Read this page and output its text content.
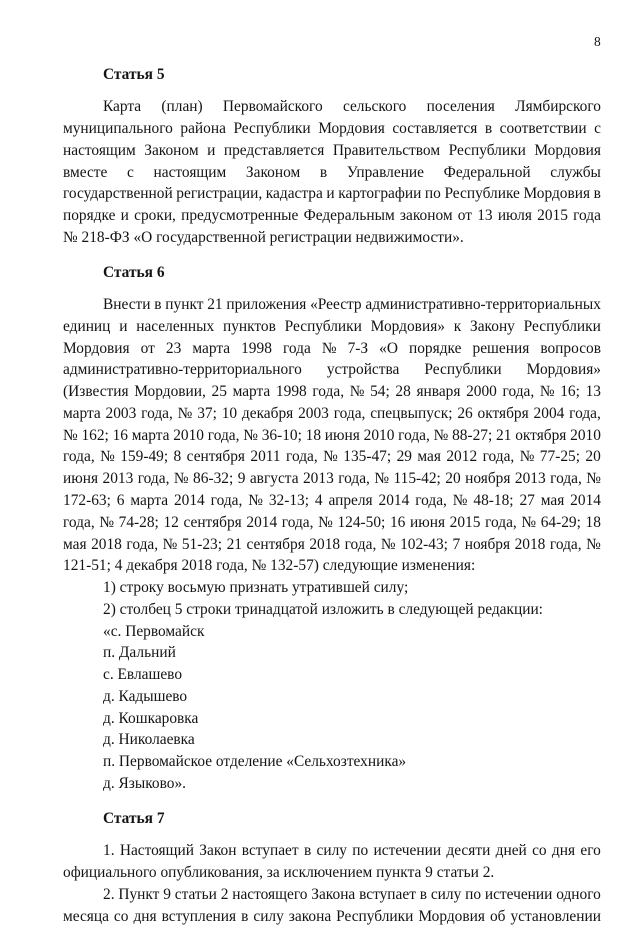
8
Статья 5
Карта (план) Первомайского сельского поселения Лямбирского
муниципального района Республики Мордовия составляется в соответствии с
настоящим Законом и представляется Правительством Республики Мордовия
вместе с настоящим Законом в Управление Федеральной службы
государственной регистрации, кадастра и картографии по Республике Мордовия в
порядке и сроки, предусмотренные Федеральным законом от 13 июля 2015 года
№ 218-ФЗ «О государственной регистрации недвижимости».
Статья 6
Внести в пункт 21 приложения «Реестр административно-территориальных
единиц и населенных пунктов Республики Мордовия» к Закону Республики
Мордовия от 23 марта 1998 года № 7-З «О порядке решения вопросов
административно-территориального устройства Республики Мордовия»
(Известия Мордовии, 25 марта 1998 года, № 54; 28 января 2000 года, № 16; 13
марта 2003 года, № 37; 10 декабря 2003 года, спецвыпуск; 26 октября 2004 года,
№ 162; 16 марта 2010 года, № 36-10; 18 июня 2010 года, № 88-27; 21 октября 2010
года, № 159-49; 8 сентября 2011 года, № 135-47; 29 мая 2012 года, № 77-25; 20
июня 2013 года, № 86-32; 9 августа 2013 года, № 115-42; 20 ноября 2013 года, №
172-63; 6 марта 2014 года, № 32-13; 4 апреля 2014 года, № 48-18; 27 мая 2014
года, № 74-28; 12 сентября 2014 года, № 124-50; 16 июня 2015 года, № 64-29; 18
мая 2018 года, № 51-23; 21 сентября 2018 года, № 102-43; 7 ноября 2018 года, №
121-51; 4 декабря 2018 года, № 132-57) следующие изменения:
1) строку восьмую признать утратившей силу;
2) столбец 5 строки тринадцатой изложить в следующей редакции:
«с. Первомайск
п. Дальний
с. Евлашево
д. Кадышево
д. Кошкаровка
д. Николаевка
п. Первомайское отделение «Сельхозтехника»
д. Языково».
Статья 7
1. Настоящий Закон вступает в силу по истечении десяти дней со дня его
официального опубликования, за исключением пункта 9 статьи 2.
2. Пункт 9 статьи 2 настоящего Закона вступает в силу по истечении одного
месяца со дня вступления в силу закона Республики Мордовия об установлении
